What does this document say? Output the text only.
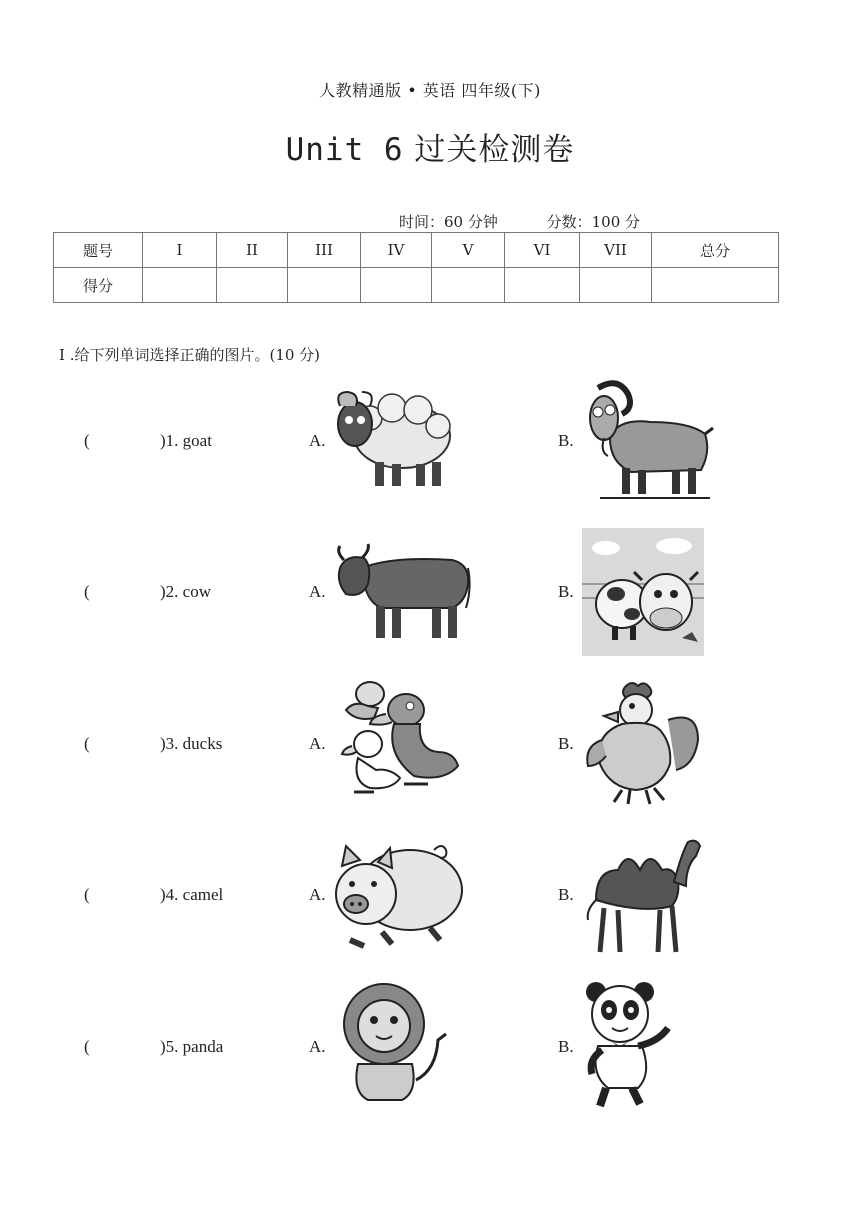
人教精通版 • 英语 四年级(下)
Unit 6 过关检测卷
时间：60 分钟	分数：100 分
题号	I	II	III	IV	V	VI	VII	总分
得分								
I .给下列单词选择正确的图片。(10 分)
(	)1. goat	A.	B.
(	)2. cow	A.	B.
(	)3. ducks	A.	B.
(	)4. camel	A.	B.
(	)5. panda	A.	B.
